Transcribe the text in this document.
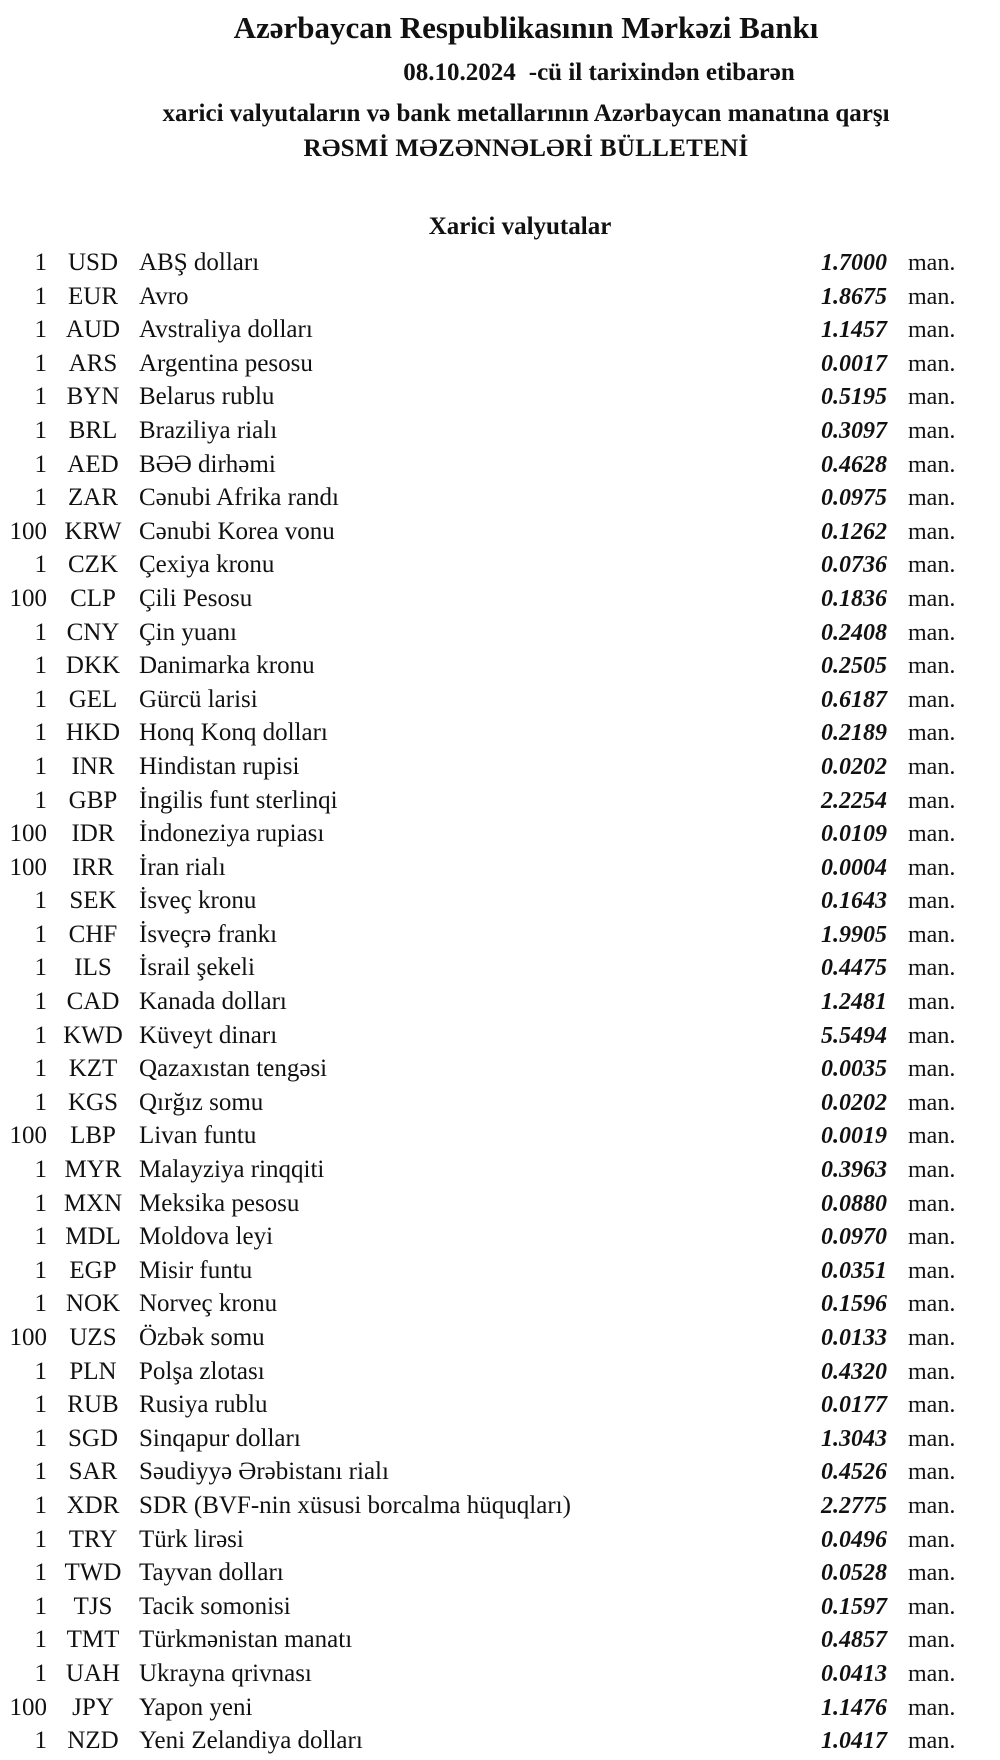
Azərbaycan Respublikasının Mərkəzi Bankı
08.10.2024 -cü il tarixindən etibarən
xarici valyutaların və bank metallarının Azərbaycan manatına qarşı
RƏSMİ MƏZƏNNƏLƏRİ BÜLLETENİ
Xarici valyutalar
1 USD ABŞ dolları	1.7000 man.
1 EUR Avro	1.8675 man.
1 AUD Avstraliya dolları	1.1457 man.
1 ARS Argentina pesosu	0.0017 man.
1 BYN Belarus rublu	0.5195 man.
1 BRL Braziliya rialı	0.3097 man.
1 AED BƏƏ dirhəmi	0.4628 man.
1 ZAR Cənubi Afrika randı	0.0975 man.
100 KRW Cənubi Korea vonu	0.1262 man.
1 CZK Çexiya kronu	0.0736 man.
100 CLP Çili Pesosu	0.1836 man.
1 CNY Çin yuanı	0.2408 man.
1 DKK Danimarka kronu	0.2505 man.
1 GEL Gürcü larisi	0.6187 man.
1 HKD Honq Konq dolları	0.2189 man.
1 INR Hindistan rupisi	0.0202 man.
1 GBP İngilis funt sterlinqi	2.2254 man.
100 IDR İndoneziya rupiası	0.0109 man.
100	IRR	İran rialı	0.0004 man.
1 SEK İsveç kronu	0.1643 man.
1 CHF İsveçrə frankı	1.9905 man.
1	ILS	İsrail şekeli	0.4475 man.
1 CAD Kanada dolları	1.2481 man.
1 KWD Küveyt dinarı	5.5494 man.
1 KZT Qazaxıstan tengəsi	0.0035 man.
1 KGS Qırğız somu	0.0202 man.
100 LBP Livan funtu	0.0019 man.
1 MYR Malayziya rinqqiti	0.3963 man.
1 MXN Meksika pesosu	0.0880 man.
1 MDL Moldova leyi	0.0970 man.
1 EGP Misir funtu	0.0351 man.
1 NOK Norveç kronu	0.1596 man.
100 UZS Özbək somu	0.0133 man.
1 PLN Polşa zlotası	0.4320 man.
1 RUB Rusiya rublu	0.0177 man.
1 SGD Sinqapur dolları	1.3043 man.
1 SAR Səudiyyə Ərəbistanı rialı	0.4526 man.
1 XDR SDR (BVF-nin xüsusi borcalma hüquqları)	2.2775 man.
1 TRY Türk lirəsi	0.0496 man.
1 TWD Tayvan dolları	0.0528 man.
1	TJS	Tacik somonisi	0.1597 man.
1 TMT Türkmənistan manatı	0.4857 man.
1 UAH Ukrayna qrivnası	0.0413 man.
100	JPY	Yapon yeni	1.1476 man.
1 NZD Yeni Zelandiya dolları	1.0417 man.
